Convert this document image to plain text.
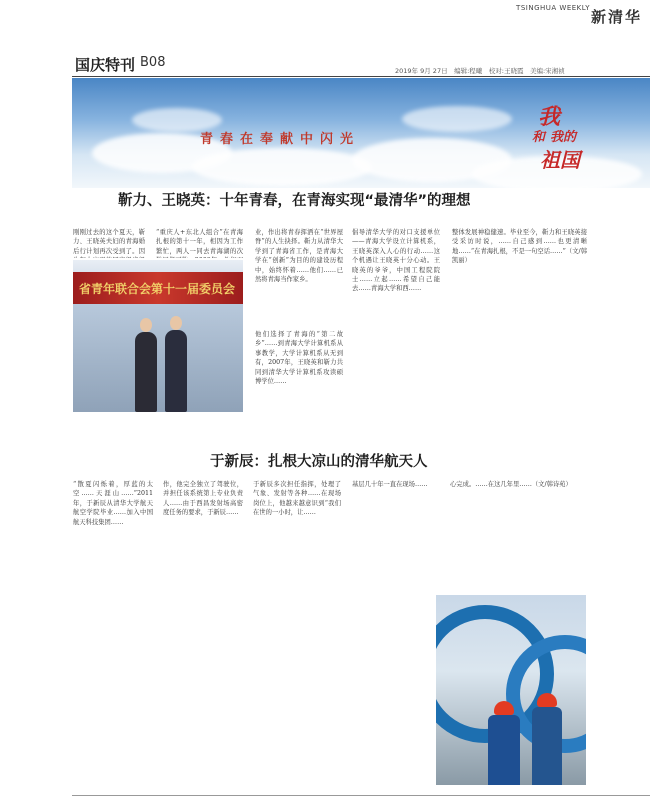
TSINGHUA WEEKLY 新清华
国庆特刊 B08
2019年 9月 27日　编辑:程曦　校对:王晓霞　美编:宋湘祯
青春在奉献中闪光
我
和 我的
祖国
靳力、王晓英：十年青春，在青海实现“最清华”的理想
刚刚过去的这个夏天，靳力、王晓英夫妇的青海婚后行计划再次受到了。因
“重庆人+东北人组合”在青海扎根的第十一年，相因为工作繁忙，两人一同去青海湖的次
业，作出将青春挥洒在“世界屋脊”的人生抉择。靳力从清华大学到了青海省工作，是青海大学在“创新”为目的的建设历程中，始终怀着……他们……已然将青海当作家乡。
他们选择了青海的“第二故乡”……到青海大学计算机系从事教学，大学计算机系从无到有，2007年，王晓英和靳力共同到清华大学计算机系攻读硕博学位……
倡导清华大学的对口支援单位——青海大学设立计算机系，王晓英深入人心的行动……这个机遇让王晓英十分心动。王晓英的爷爷，中国工程院院士……立起……希望自己能去……青海大学和西……
整体发展神稳健速。毕业至今，靳力和王晓英接受采访时说，……自己感到……也更清晰地……“在青海扎根，不是一句空话……”（文/韩凯丽）
省青年联合会第十一届委员会
于新辰：扎根大凉山的清华航天人
“散夏闪烁着，厚蓝的太空……天涯山……”2011年，于新辰从清华大学航天航空学院毕业……加入中国航天科技集团……
作，他完全独立了驾驶位，并担任该系统第上专业负责人……由于西昌发射场高密度任务的要求，于新辰……
于新辰多次担任指挥，处理了气象、发射等各种……在现场岗位上，他越来越意识到“我们在世的一小时，让……
基层几十年一直在现场……	心完成。……在这几年里……（文/韩诗苑）
